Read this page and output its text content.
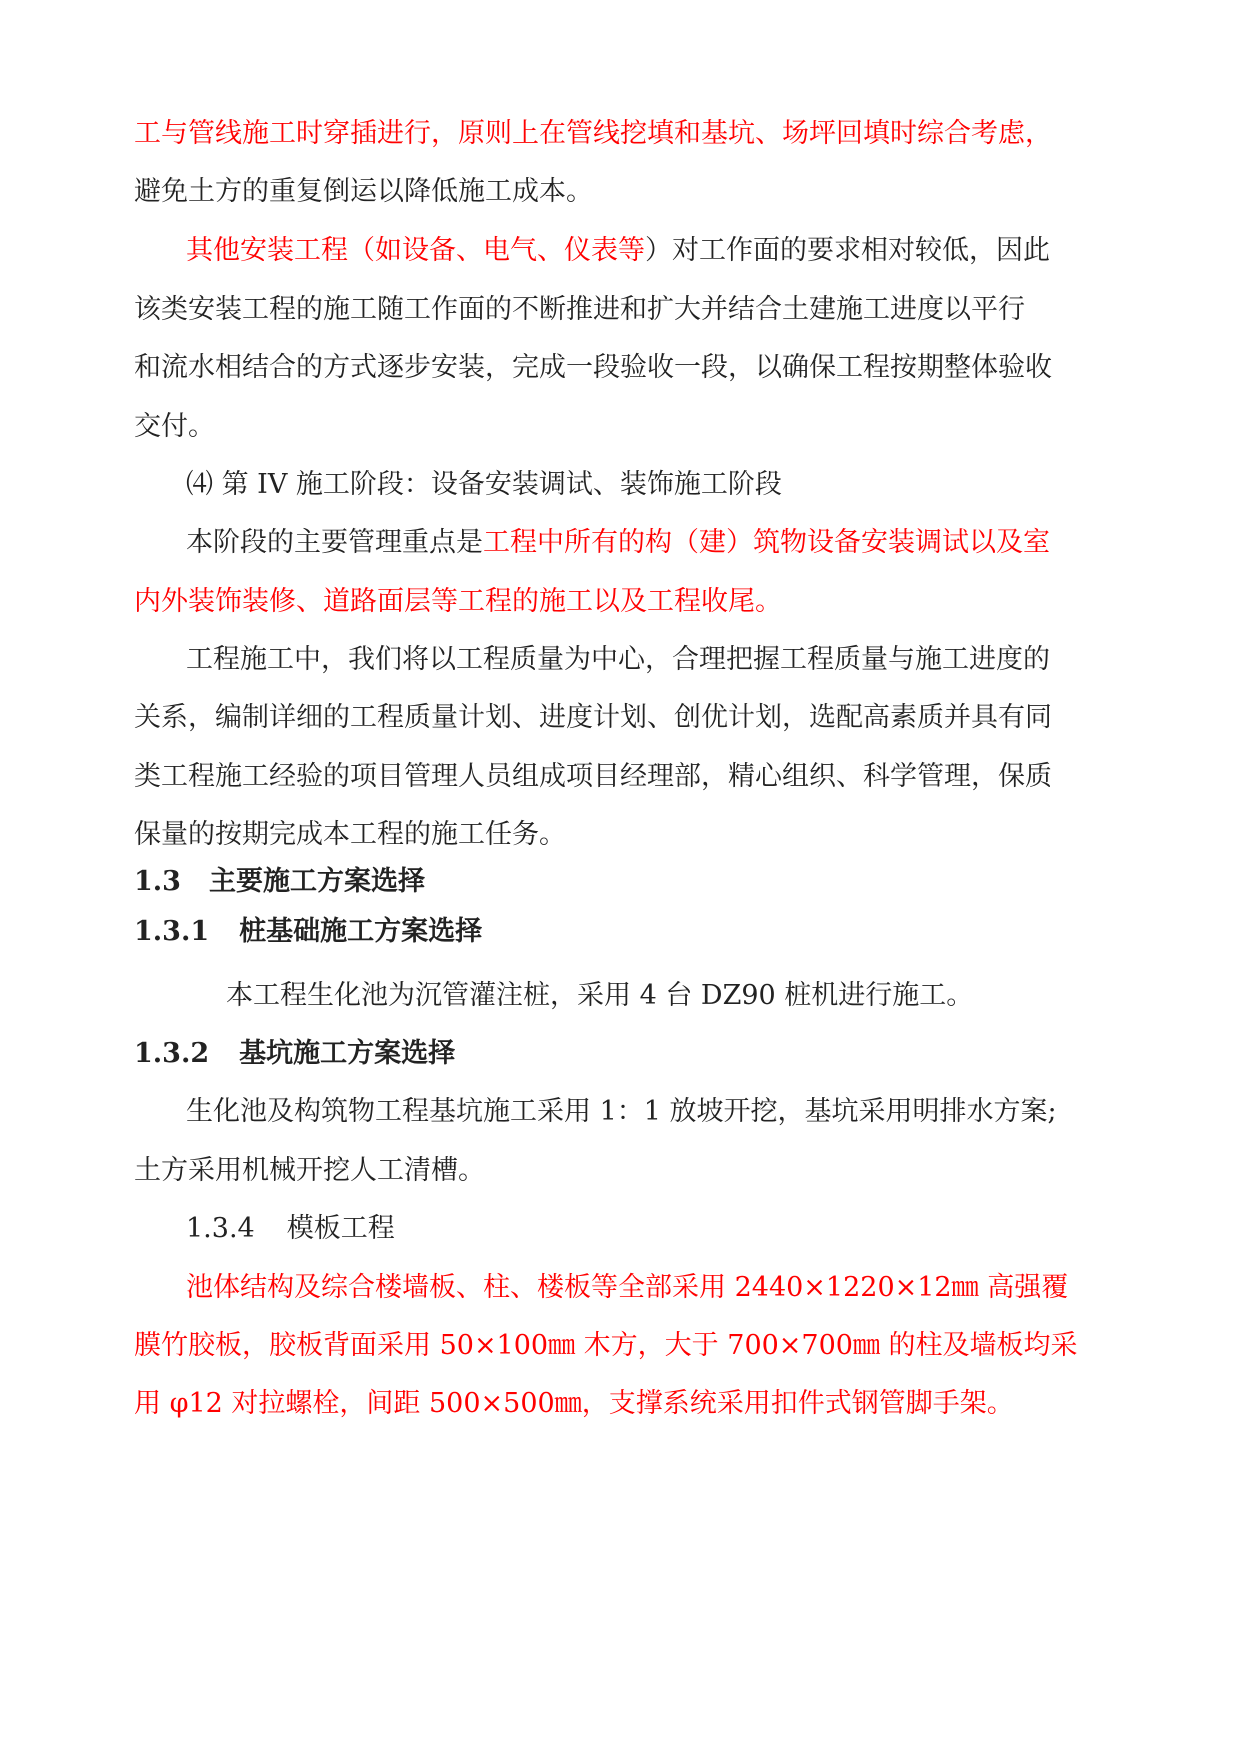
工与管线施工时穿插进行，原则上在管线挖填和基坑、场坪回填时综合考虑，

避免土方的重复倒运以降低施工成本。

其他安装工程（如设备、电气、仪表等）对工作面的要求相对较低，因此

该类安装工程的施工随工作面的不断推进和扩大并结合土建施工进度以平行

和流水相结合的方式逐步安装，完成一段验收一段，以确保工程按期整体验收

交付。

⑷ 第 IV 施工阶段：设备安装调试、装饰施工阶段

本阶段的主要管理重点是工程中所有的构（建）筑物设备安装调试以及室

内外装饰装修、道路面层等工程的施工以及工程收尾。

工程施工中，我们将以工程质量为中心，合理把握工程质量与施工进度的

关系，编制详细的工程质量计划、进度计划、创优计划，选配高素质并具有同

类工程施工经验的项目管理人员组成项目经理部，精心组织、科学管理，保质

保量的按期完成本工程的施工任务。

1.3 主要施工方案选择

1.3.1 桩基础施工方案选择

本工程生化池为沉管灌注桩，采用 4 台 DZ90 桩机进行施工。

1.3.2 基坑施工方案选择

生化池及构筑物工程基坑施工采用 1：1 放坡开挖，基坑采用明排水方案;

土方采用机械开挖人工清槽。

1.3.4 模板工程

池体结构及综合楼墙板、柱、楼板等全部采用 2440×1220×12㎜ 高强覆

膜竹胶板，胶板背面采用 50×100㎜ 木方，大于 700×700㎜ 的柱及墙板均采

用 φ12 对拉螺栓，间距 500×500㎜，支撑系统采用扣件式钢管脚手架。
